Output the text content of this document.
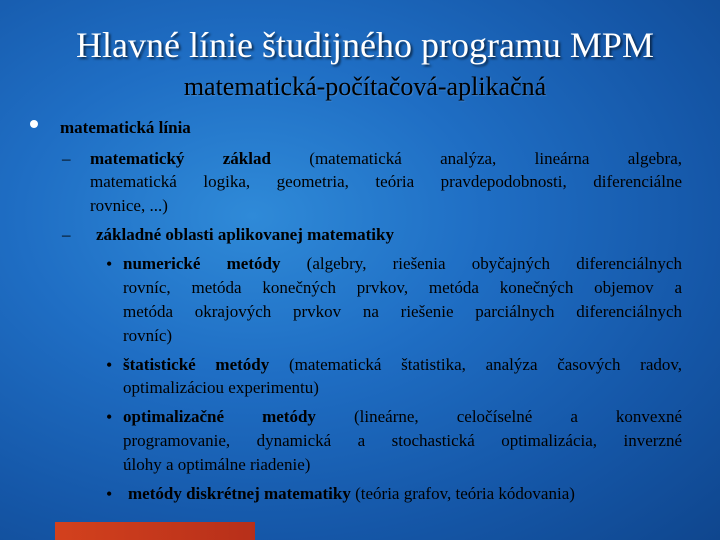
Hlavné línie študijného programu MPM
matematická-počítačová-aplikačná
matematická línia
– matematický základ (matematická analýza, lineárna algebra,
matematická logika, geometria, teória pravdepodobnosti, diferenciálne
rovnice, ...)
– základné oblasti aplikovanej matematiky
• numerické metódy (algebry, riešenia obyčajných diferenciálnych
rovníc, metóda konečných prvkov, metóda konečných objemov a
metóda okrajových prvkov na riešenie parciálnych diferenciálnych
rovníc)
• štatistické metódy (matematická štatistika, analýza časových radov,
optimalizáciou experimentu)
• optimalizačné metódy (lineárne, celočíselné a konvexné
programovanie, dynamická a stochastická optimalizácia, inverzné
úlohy a optimálne riadenie)
• metódy diskrétnej matematiky (teória grafov, teória kódovania)
